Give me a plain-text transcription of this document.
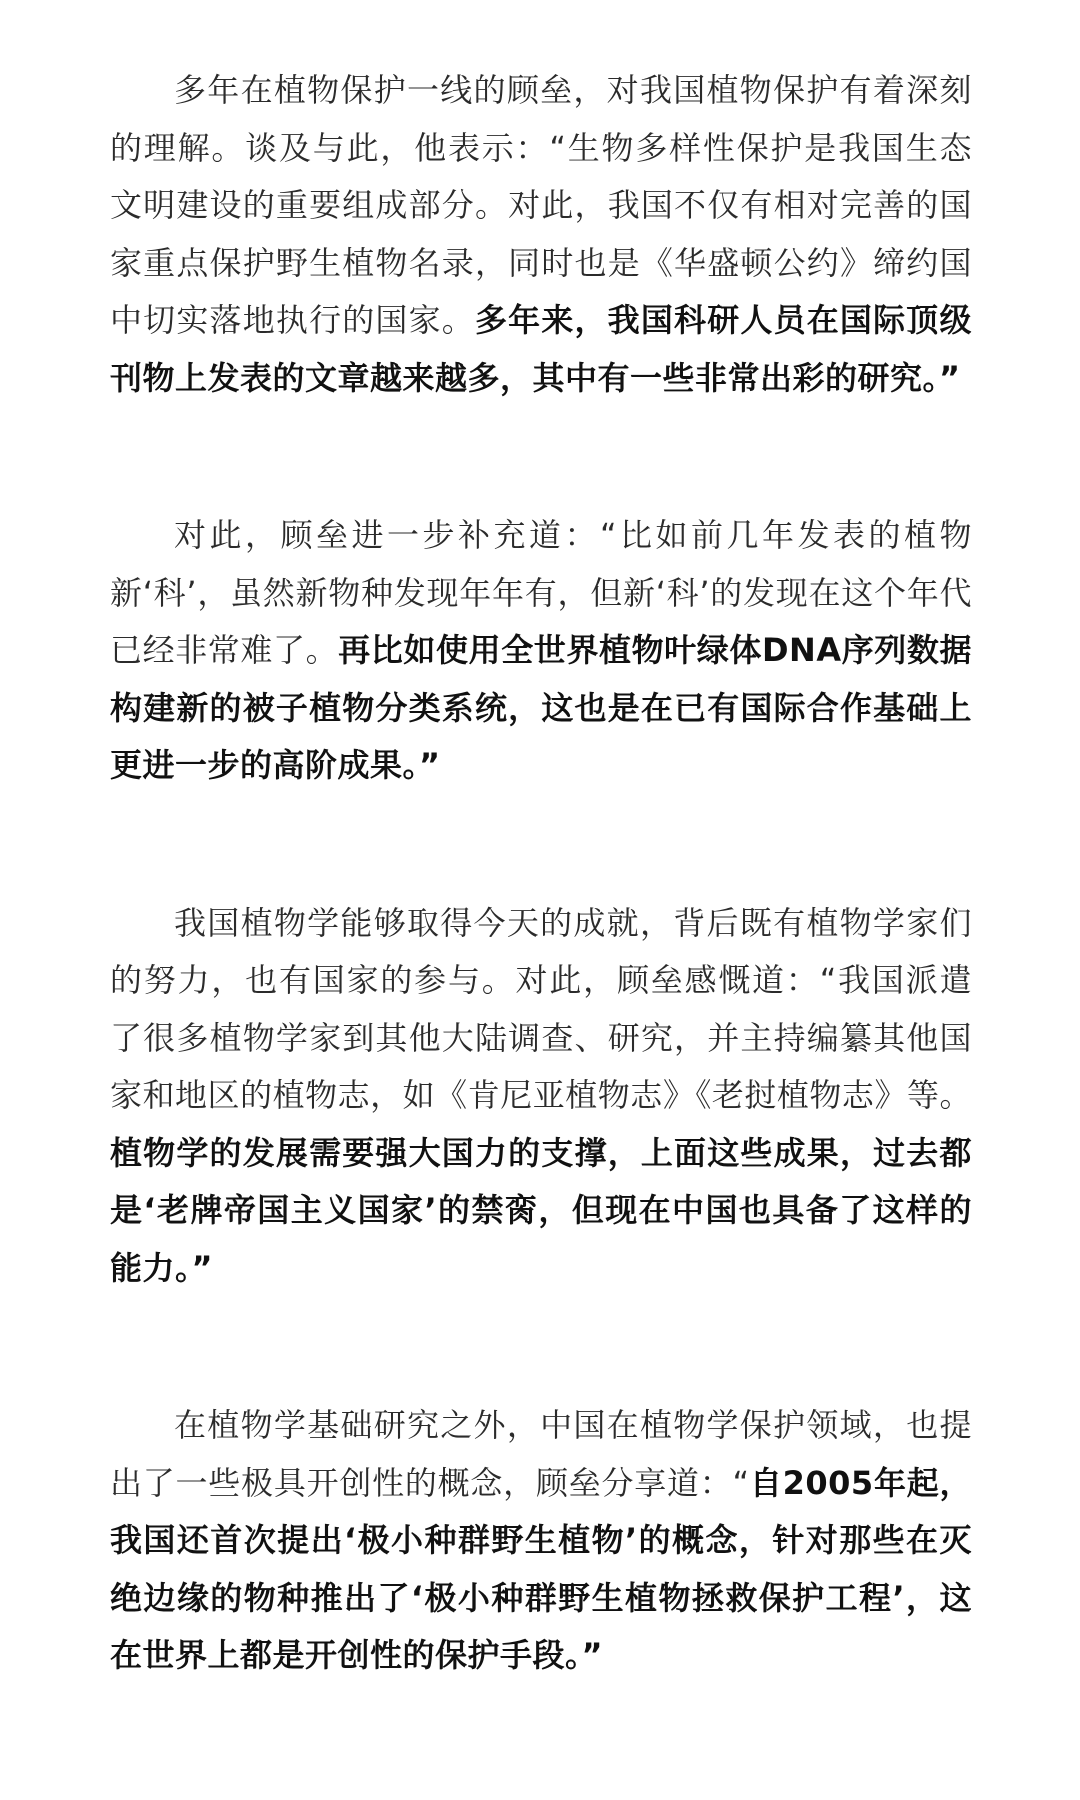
多年在植物保护一线的顾垒，对我国植物保护有着深刻的理解。谈及与此，他表示：“生物多样性保护是我国生态文明建设的重要组成部分。对此，我国不仅有相对完善的国家重点保护野生植物名录，同时也是《华盛顿公约》缔约国中切实落地执行的国家。多年来，我国科研人员在国际顶级刊物上发表的文章越来越多，其中有一些非常出彩的研究。”

对此，顾垒进一步补充道：“比如前几年发表的植物新‘科’，虽然新物种发现年年有，但新‘科’的发现在这个年代已经非常难了。再比如使用全世界植物叶绿体DNA序列数据构建新的被子植物分类系统，这也是在已有国际合作基础上更进一步的高阶成果。”

我国植物学能够取得今天的成就，背后既有植物学家们的努力，也有国家的参与。对此，顾垒感慨道：“我国派遣了很多植物学家到其他大陆调查、研究，并主持编纂其他国家和地区的植物志，如《肯尼亚植物志》《老挝植物志》等。植物学的发展需要强大国力的支撑，上面这些成果，过去都是‘老牌帝国主义国家’的禁脔，但现在中国也具备了这样的能力。”

在植物学基础研究之外，中国在植物学保护领域，也提出了一些极具开创性的概念，顾垒分享道：“自2005年起，我国还首次提出‘极小种群野生植物’的概念，针对那些在灭绝边缘的物种推出了‘极小种群野生植物拯救保护工程’，这在世界上都是开创性的保护手段。”
